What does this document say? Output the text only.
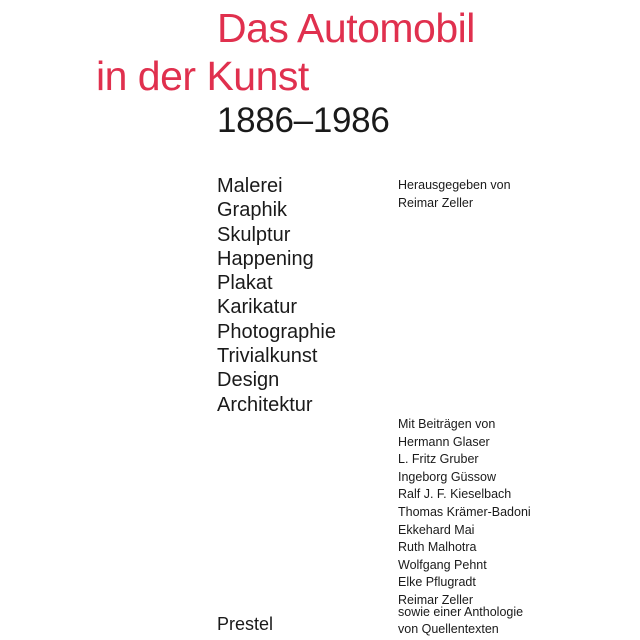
Das Automobil
in der Kunst
1886–1986
Malerei
Graphik
Skulptur
Happening
Plakat
Karikatur
Photographie
Trivialkunst
Design
Architektur
Herausgegeben von
Reimar Zeller
Mit Beiträgen von
Hermann Glaser
L. Fritz Gruber
Ingeborg Güssow
Ralf J. F. Kieselbach
Thomas Krämer-Badoni
Ekkehard Mai
Ruth Malhotra
Wolfgang Pehnt
Elke Pflugradt
Reimar Zeller
sowie einer Anthologie
von Quellentexten
Prestel
